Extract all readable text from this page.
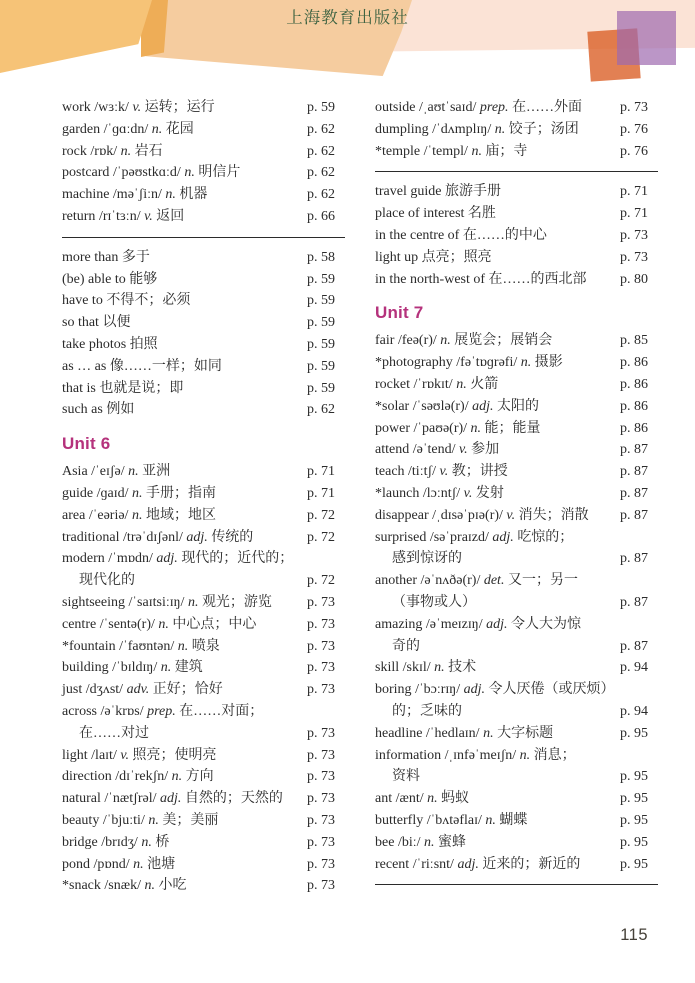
上海教育出版社
work /wɜːk/ v. 运转；运行	p. 59
garden /ˈɡɑːdn/ n. 花园	p. 62
rock /rɒk/ n. 岩石	p. 62
postcard /ˈpəʊstkɑːd/ n. 明信片	p. 62
machine /məˈʃiːn/ n. 机器	p. 62
return /rɪˈtɜːn/ v. 返回	p. 66
more than 多于	p. 58
(be) able to 能够	p. 59
have to 不得不；必须	p. 59
so that 以便	p. 59
take photos 拍照	p. 59
as … as 像……一样；如同	p. 59
that is 也就是说；即	p. 59
such as 例如	p. 62
Unit 6
Asia /ˈeɪʃə/ n. 亚洲	p. 71
guide /ɡaɪd/ n. 手册；指南	p. 71
area /ˈeəriə/ n. 地域；地区	p. 72
traditional /trəˈdɪʃənl/ adj. 传统的	p. 72
modern /ˈmɒdn/ adj. 现代的；近代的；
现代化的	p. 72
sightseeing /ˈsaɪtsiːɪŋ/ n. 观光；游览	p. 73
centre /ˈsentə(r)/ n. 中心点；中心	p. 73
*fountain /ˈfaʊntən/ n. 喷泉	p. 73
building /ˈbɪldɪŋ/ n. 建筑	p. 73
just /dʒʌst/ adv. 正好；恰好	p. 73
across /əˈkrɒs/ prep. 在……对面；
在……对过	p. 73
light /laɪt/ v. 照亮；使明亮	p. 73
direction /dɪˈrekʃn/ n. 方向	p. 73
natural /ˈnætʃrəl/ adj. 自然的；天然的	p. 73
beauty /ˈbjuːti/ n. 美；美丽	p. 73
bridge /brɪdʒ/ n. 桥	p. 73
pond /pɒnd/ n. 池塘	p. 73
*snack /snæk/ n. 小吃	p. 73
outside /ˌaʊtˈsaɪd/ prep. 在……外面	p. 73
dumpling /ˈdʌmplɪŋ/ n. 饺子；汤团	p. 76
*temple /ˈtempl/ n. 庙；寺	p. 76
travel guide 旅游手册	p. 71
place of interest 名胜	p. 71
in the centre of 在……的中心	p. 73
light up 点亮；照亮	p. 73
in the north-west of 在……的西北部	p. 80
Unit 7
fair /feə(r)/ n. 展览会；展销会	p. 85
*photography /fəˈtɒɡrəfi/ n. 摄影	p. 86
rocket /ˈrɒkɪt/ n. 火箭	p. 86
*solar /ˈsəʊlə(r)/ adj. 太阳的	p. 86
power /ˈpaʊə(r)/ n. 能；能量	p. 86
attend /əˈtend/ v. 参加	p. 87
teach /tiːtʃ/ v. 教；讲授	p. 87
*launch /lɔːntʃ/ v. 发射	p. 87
disappear /ˌdɪsəˈpɪə(r)/ v. 消失；消散	p. 87
surprised /səˈpraɪzd/ adj. 吃惊的；
感到惊讶的	p. 87
another /əˈnʌðə(r)/ det. 又一；另一
（事物或人）	p. 87
amazing /əˈmeɪzɪŋ/ adj. 令人大为惊
奇的	p. 87
skill /skɪl/ n. 技术	p. 94
boring /ˈbɔːrɪŋ/ adj. 令人厌倦（或厌烦）
的；乏味的	p. 94
headline /ˈhedlaɪn/ n. 大字标题	p. 95
information /ˌɪnfəˈmeɪʃn/ n. 消息；
资料	p. 95
ant /ænt/ n. 蚂蚁	p. 95
butterfly /ˈbʌtəflaɪ/ n. 蝴蝶	p. 95
bee /biː/ n. 蜜蜂	p. 95
recent /ˈriːsnt/ adj. 近来的；新近的	p. 95
115
